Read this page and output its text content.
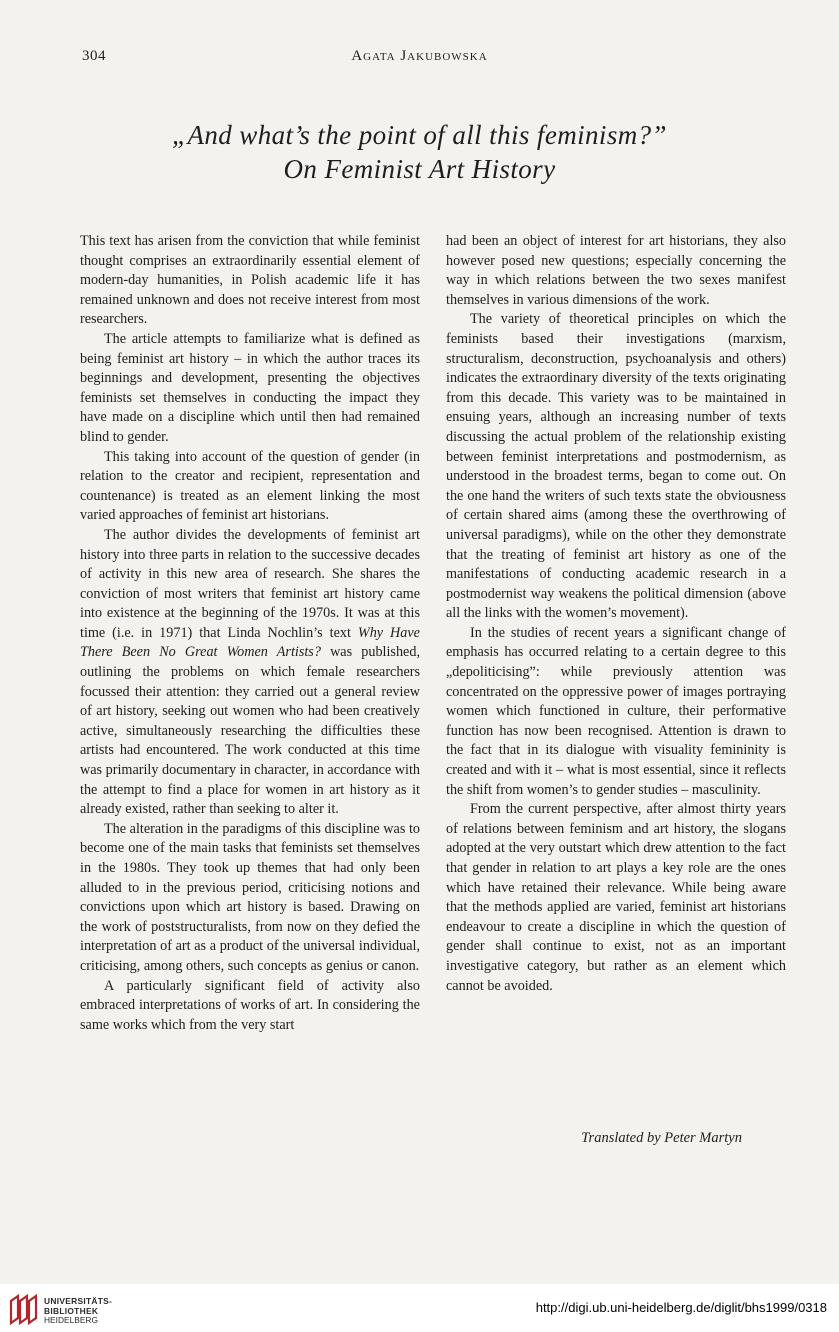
304	Agata Jakubowska
„And what’s the point of all this feminism?”
On Feminist Art History

This text has arisen from the conviction that while feminist thought comprises an extraordinarily essential element of modern-day humanities, in Polish academic life it has remained unknown and does not receive interest from most researchers.

The article attempts to familiarize what is defined as being feminist art history – in which the author traces its beginnings and development, presenting the objectives feminists set themselves in conducting the impact they have made on a discipline which until then had remained blind to gender.

This taking into account of the question of gender (in relation to the creator and recipient, representation and countenance) is treated as an element linking the most varied approaches of feminist art historians.

The author divides the developments of feminist art history into three parts in relation to the successive decades of activity in this new area of research. She shares the conviction of most writers that feminist art history came into existence at the beginning of the 1970s. It was at this time (i.e. in 1971) that Linda Nochlin’s text Why Have There Been No Great Women Artists? was published, outlining the problems on which female researchers focussed their attention: they carried out a general review of art history, seeking out women who had been creatively active, simultaneously researching the difficulties these artists had encountered. The work conducted at this time was primarily documentary in character, in accordance with the attempt to find a place for women in art history as it already existed, rather than seeking to alter it.

The alteration in the paradigms of this discipline was to become one of the main tasks that feminists set themselves in the 1980s. They took up themes that had only been alluded to in the previous period, criticising notions and convictions upon which art history is based. Drawing on the work of poststructuralists, from now on they defied the interpretation of art as a product of the universal individual, criticising, among others, such concepts as genius or canon.

A particularly significant field of activity also embraced interpretations of works of art. In considering the same works which from the very start

had been an object of interest for art historians, they also however posed new questions; especially concerning the way in which relations between the two sexes manifest themselves in various dimensions of the work.

The variety of theoretical principles on which the feminists based their investigations (marxism, structuralism, deconstruction, psychoanalysis and others) indicates the extraordinary diversity of the texts originating from this decade. This variety was to be maintained in ensuing years, although an increasing number of texts discussing the actual problem of the relationship existing between feminist interpretations and postmodernism, as understood in the broadest terms, began to come out. On the one hand the writers of such texts state the obviousness of certain shared aims (among these the overthrowing of universal paradigms), while on the other they demonstrate that the treating of feminist art history as one of the manifestations of conducting academic research in a postmodernist way weakens the political dimension (above all the links with the women’s movement).

In the studies of recent years a significant change of emphasis has occurred relating to a certain degree to this „depoliticising”: while previously attention was concentrated on the oppressive power of images portraying women which functioned in culture, their performative function has now been recognised. Attention is drawn to the fact that in its dialogue with visuality femininity is created and with it – what is most essential, since it reflects the shift from women’s to gender studies – masculinity.

From the current perspective, after almost thirty years of relations between feminism and art history, the slogans adopted at the very outstart which drew attention to the fact that gender in relation to art plays a key role are the ones which have retained their relevance. While being aware that the methods applied are varied, feminist art historians endeavour to create a discipline in which the question of gender shall continue to exist, not as an important investigative category, but rather as an element which cannot be avoided.

Translated by Peter Martyn
UNIVERSITÄTS-
BIBLIOTHEK
HEIDELBERG
http://digi.ub.uni-heidelberg.de/diglit/bhs1999/0318
